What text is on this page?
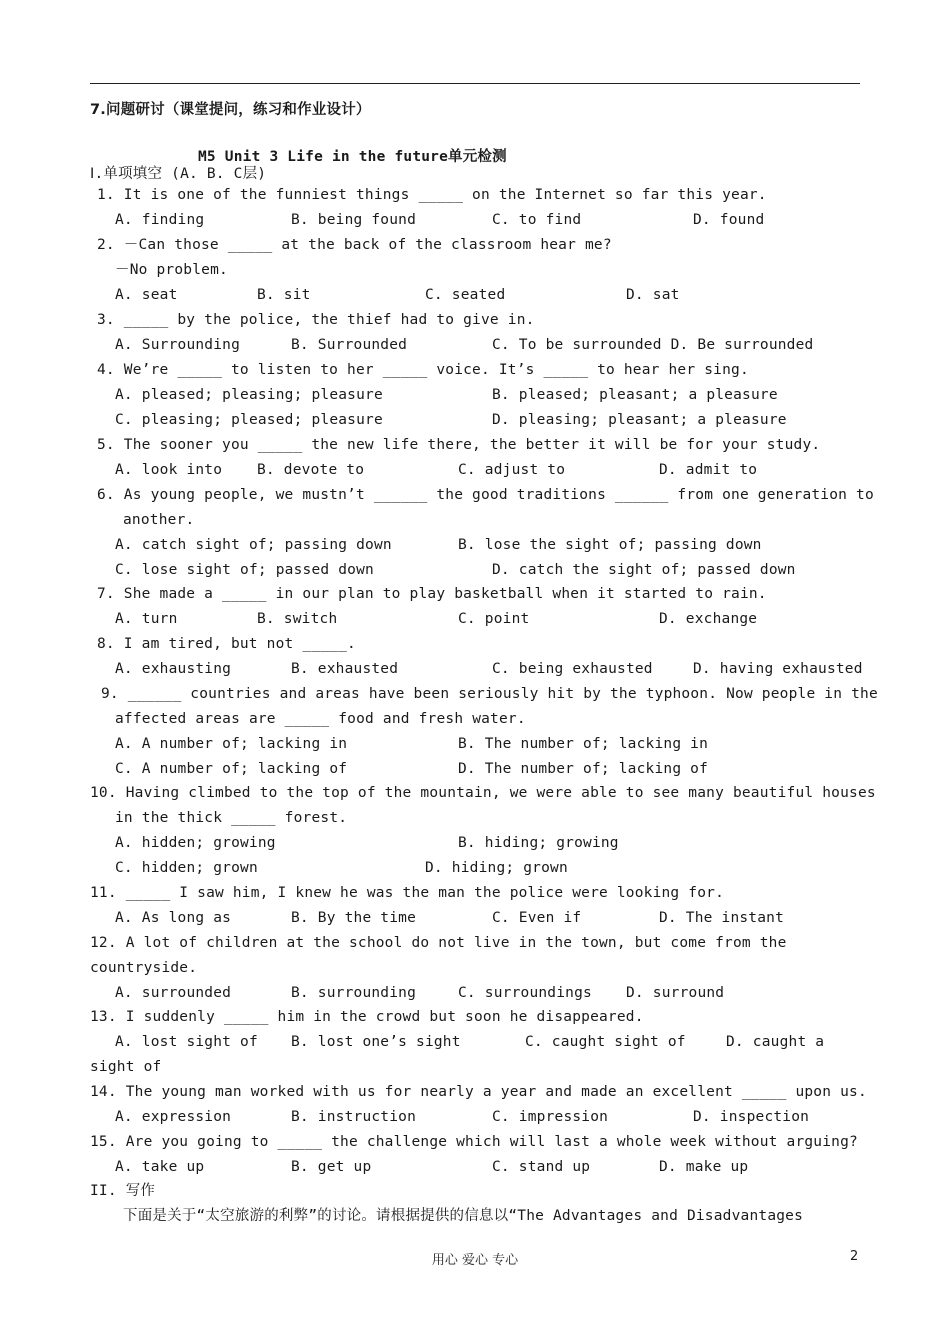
7.问题研讨（课堂提问，练习和作业设计）
M5 Unit 3 Life in the future单元检测
Ⅰ.单项填空 (A. B. C层)
1. It is one of the funniest things _____ on the Internet so far this year.
A. finding	B. being found	C. to find	D. found
2. －Can those _____ at the back of the classroom hear me?
－No problem.
A. seat	B. sit	C. seated	D. sat
3. _____ by the police, the thief had to give in.
A. Surrounding	B. Surrounded	C. To be surrounded D. Be surrounded
4. We’re _____ to listen to her _____ voice. It’s _____ to hear her sing.
A. pleased; pleasing; pleasure	B. pleased; pleasant; a pleasure
C. pleasing; pleased; pleasure	D. pleasing; pleasant; a pleasure
5. The sooner you _____ the new life there, the better it will be for your study.
A. look into B. devote to	C. adjust to	D. admit to
6. As young people, we mustn’t ______ the good traditions ______ from one generation to
another.
A. catch sight of; passing down	B. lose the sight of; passing down
C. lose sight of; passed down	D. catch the sight of; passed down
7. She made a _____ in our plan to play basketball when it started to rain.
A. turn	B. switch	C. point	D. exchange
8. I am tired, but not _____.
A. exhausting	B. exhausted	C. being exhausted	D. having exhausted
9. ______ countries and areas have been seriously hit by the typhoon. Now people in the
affected areas are _____ food and fresh water.
A. A number of; lacking in	B. The number of; lacking in
C. A number of; lacking of	D. The number of; lacking of
10. Having climbed to the top of the mountain, we were able to see many beautiful houses
in the thick _____ forest.
A. hidden; growing	B. hiding; growing
C. hidden; grown	D. hiding; grown
11. _____ I saw him, I knew he was the man the police were looking for.
A. As long as	B. By the time	C. Even if	D. The instant
12. A lot of children at the school do not live in the town, but come from the
countryside.
A. surrounded	B. surrounding	C. surroundings D. surround
13. I suddenly _____ him in the crowd but soon he disappeared.
A. lost sight of B. lost one’s sight	C. caught sight of	D. caught a
sight of
14. The young man worked with us for nearly a year and made an excellent _____ upon us.
A. expression	B. instruction	C. impression	D. inspection
15. Are you going to _____ the challenge which will last a whole week without arguing?
A. take up	B. get up	C. stand up	D. make up
II. 写作
下面是关于“太空旅游的利弊”的讨论。请根据提供的信息以“The Advantages and Disadvantages
用心 爱心 专心	2
